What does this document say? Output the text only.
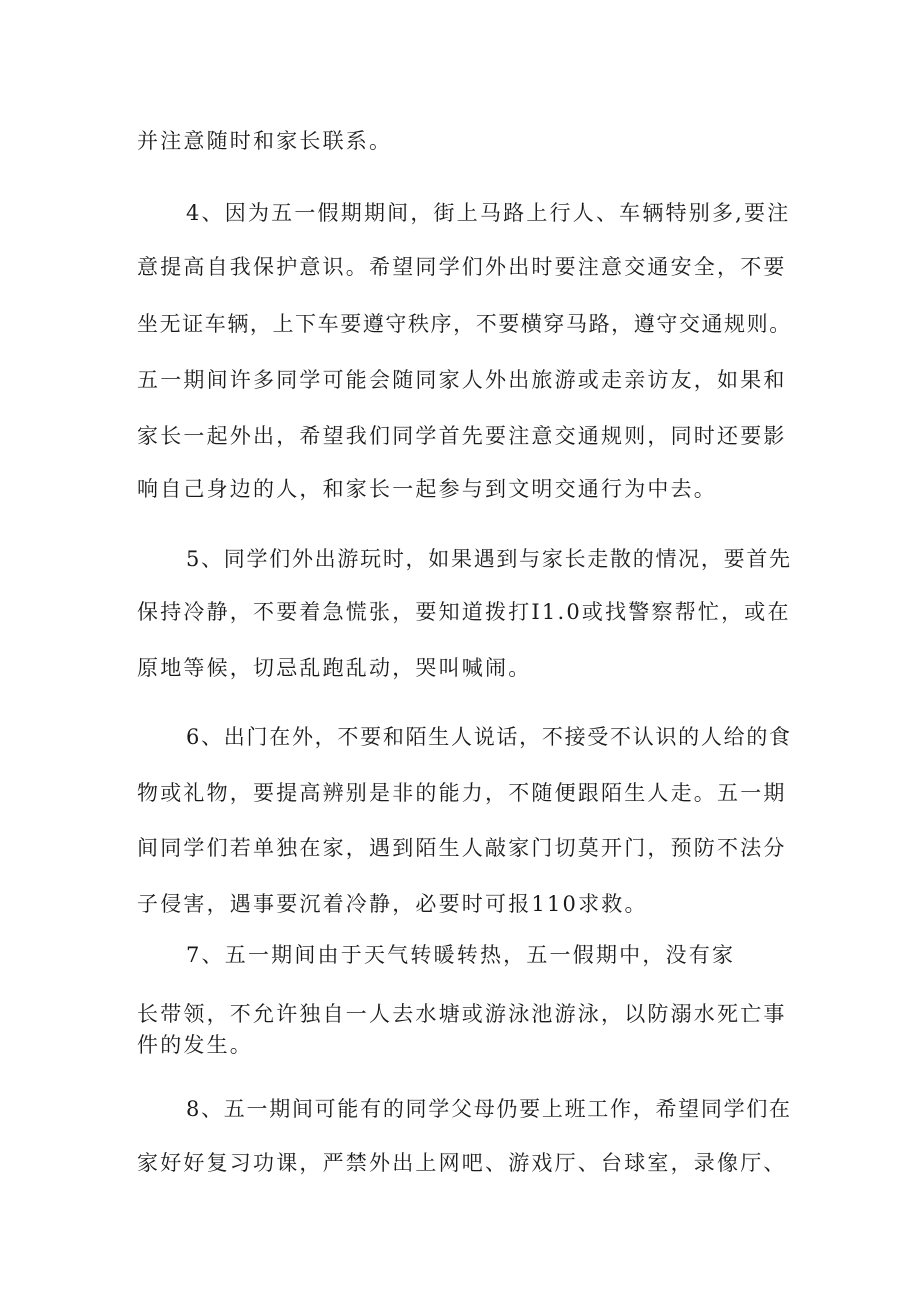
并注意随时和家长联系。
4、因为五一假期期间，街上马路上行人、车辆特别多,要注
意提高自我保护意识。希望同学们外出时要注意交通安全，不要
坐无证车辆，上下车要遵守秩序，不要横穿马路，遵守交通规则。
五一期间许多同学可能会随同家人外出旅游或走亲访友，如果和
家长一起外出，希望我们同学首先要注意交通规则，同时还要影
响自己身边的人，和家长一起参与到文明交通行为中去。
5、同学们外出游玩时，如果遇到与家长走散的情况，要首先
保持冷静，不要着急慌张，要知道拨打I1.0或找警察帮忙，或在
原地等候，切忌乱跑乱动，哭叫喊闹。
6、出门在外，不要和陌生人说话，不接受不认识的人给的食
物或礼物，要提高辨别是非的能力，不随便跟陌生人走。五一期
间同学们若单独在家，遇到陌生人敲家门切莫开门，预防不法分
子侵害，遇事要沉着冷静，必要时可报110求救。
7、五一期间由于天气转暖转热，五一假期中，没有家
长带领，不允许独自一人去水塘或游泳池游泳，以防溺水死亡事
件的发生。
8、五一期间可能有的同学父母仍要上班工作，希望同学们在
家好好复习功课，严禁外出上网吧、游戏厅、台球室，录像厅、
